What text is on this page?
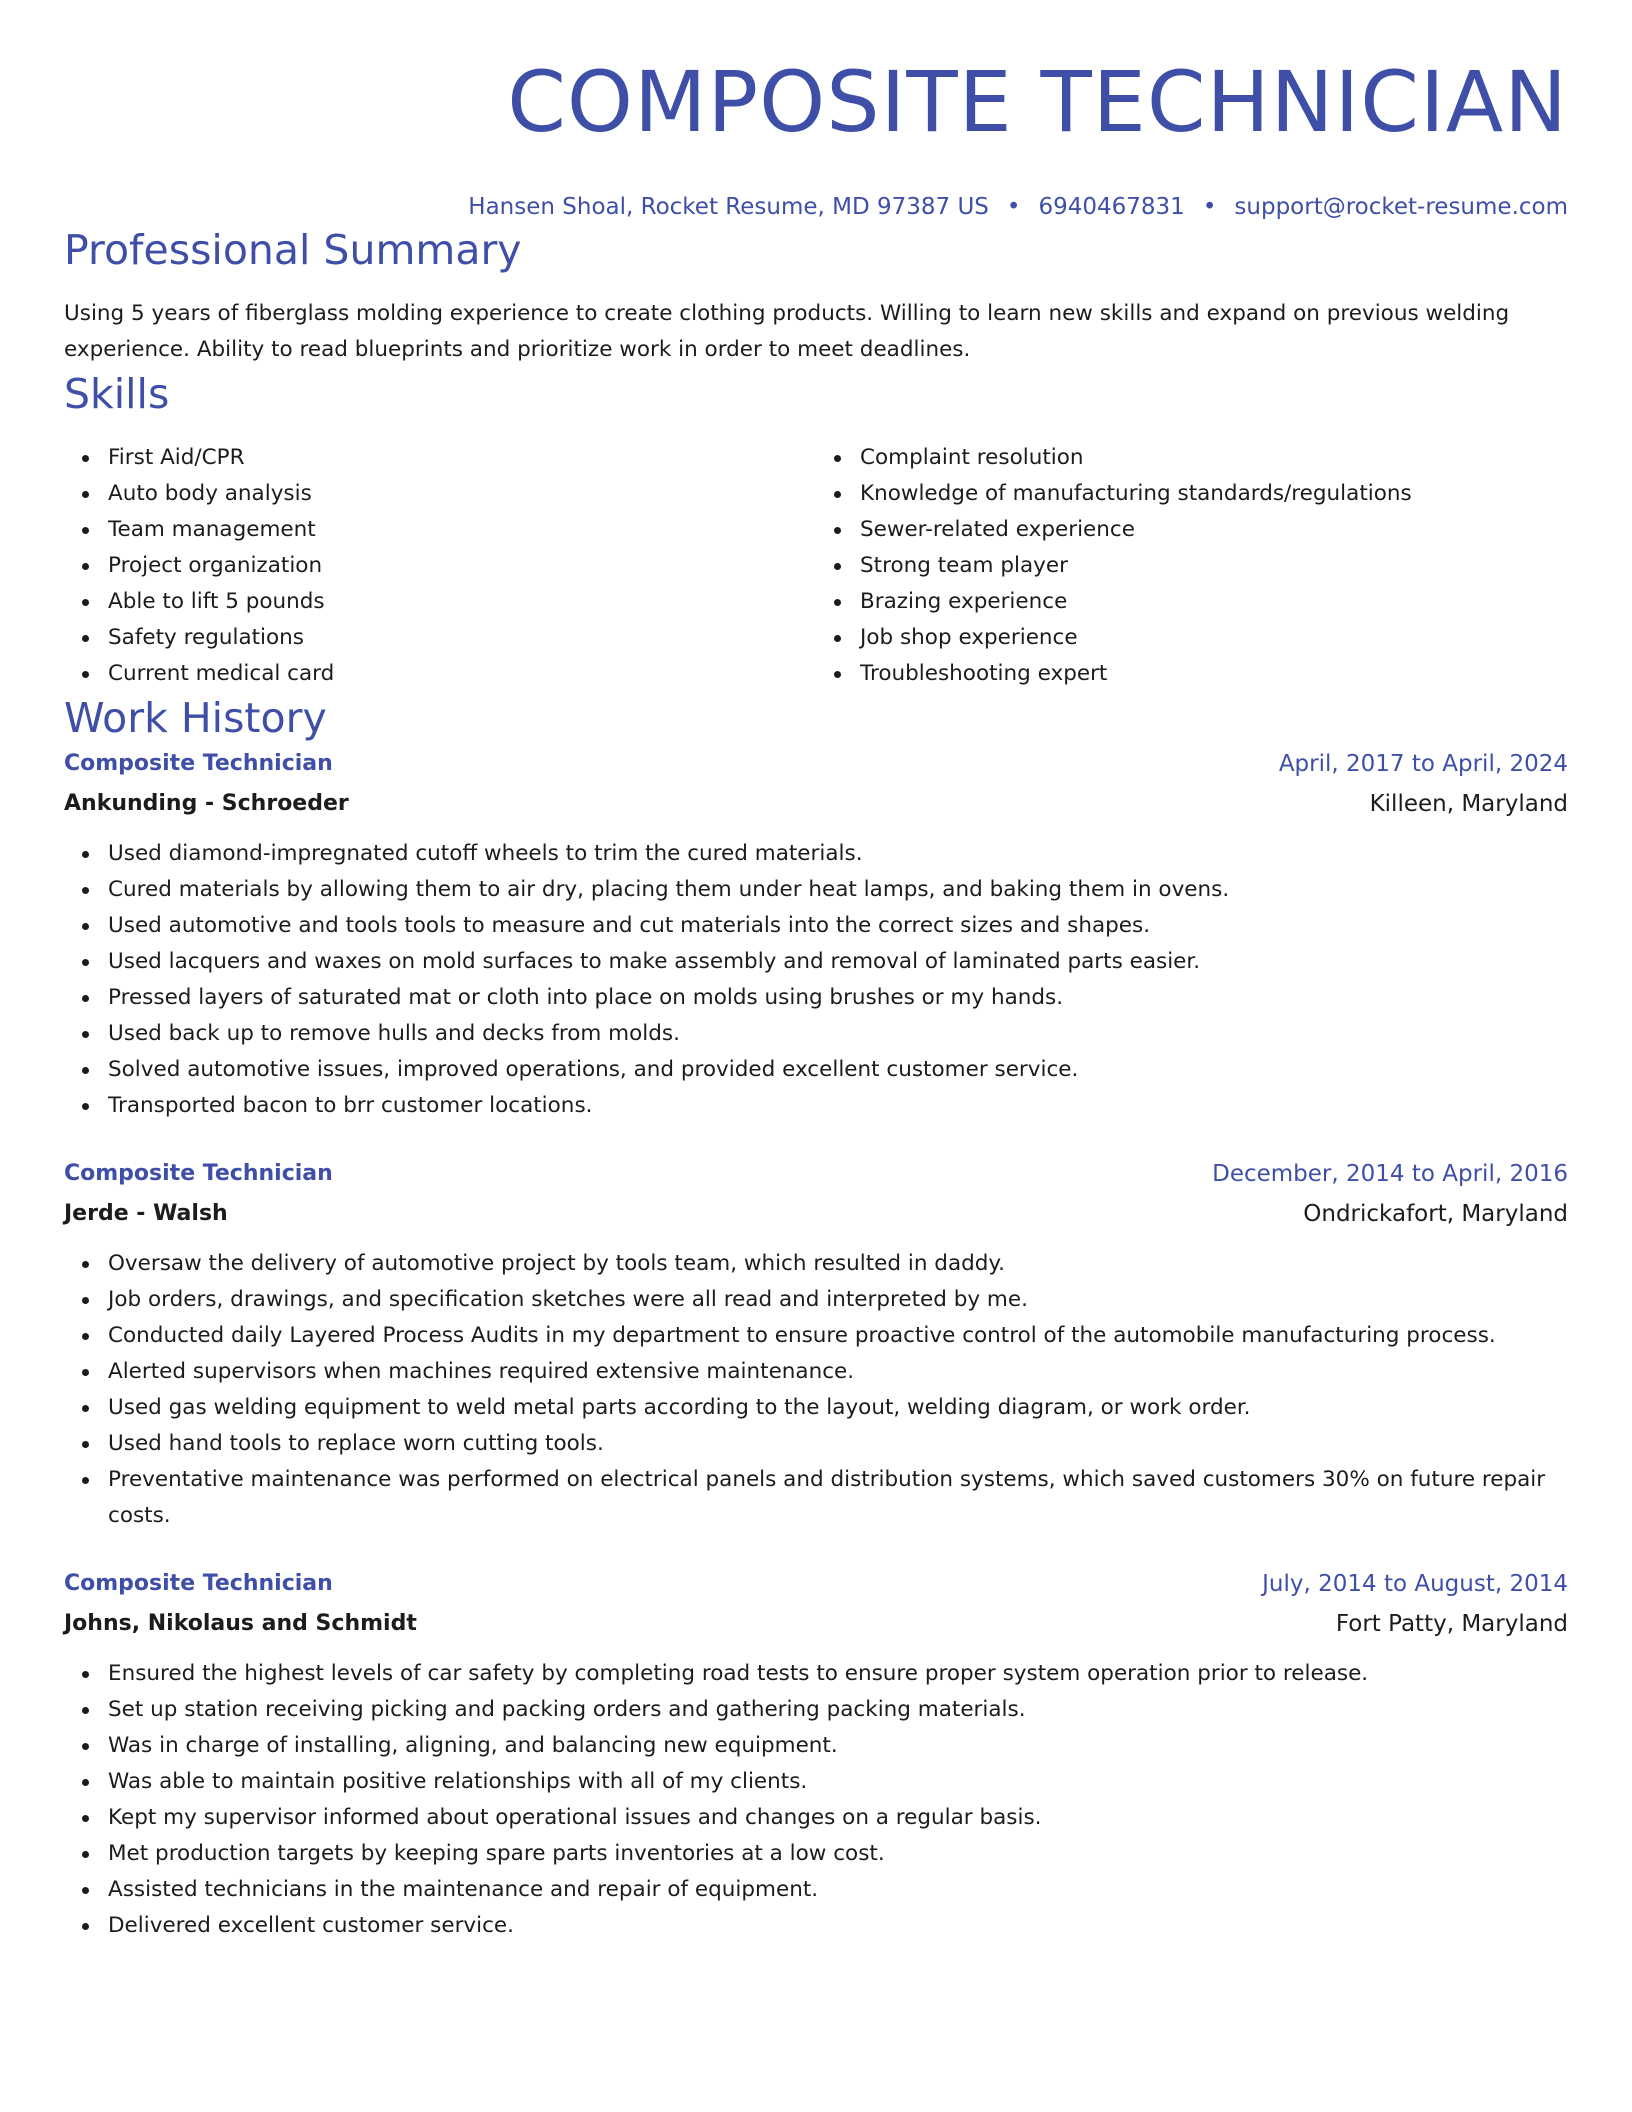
COMPOSITE TECHNICIAN
Hansen Shoal, Rocket Resume, MD 97387 US • 6940467831 • support@rocket-resume.com
Professional Summary

Using 5 years of fiberglass molding experience to create clothing products. Willing to learn new skills and expand on previous welding experience. Ability to read blueprints and prioritize work in order to meet deadlines.

Skills
First Aid/CPR
Auto body analysis
Team management
Project organization
Able to lift 5 pounds
Safety regulations
Current medical card
Complaint resolution
Knowledge of manufacturing standards/regulations
Sewer-related experience
Strong team player
Brazing experience
Job shop experience
Troubleshooting expert
Work History
Composite Technician	April, 2017 to April, 2024
Ankunding - Schroeder	Killeen, Maryland
Used diamond-impregnated cutoff wheels to trim the cured materials.
Cured materials by allowing them to air dry, placing them under heat lamps, and baking them in ovens.
Used automotive and tools tools to measure and cut materials into the correct sizes and shapes.
Used lacquers and waxes on mold surfaces to make assembly and removal of laminated parts easier.
Pressed layers of saturated mat or cloth into place on molds using brushes or my hands.
Used back up to remove hulls and decks from molds.
Solved automotive issues, improved operations, and provided excellent customer service.
Transported bacon to brr customer locations.
Composite Technician	December, 2014 to April, 2016
Jerde - Walsh	Ondrickafort, Maryland
Oversaw the delivery of automotive project by tools team, which resulted in daddy.
Job orders, drawings, and specification sketches were all read and interpreted by me.
Conducted daily Layered Process Audits in my department to ensure proactive control of the automobile manufacturing process.
Alerted supervisors when machines required extensive maintenance.
Used gas welding equipment to weld metal parts according to the layout, welding diagram, or work order.
Used hand tools to replace worn cutting tools.
Preventative maintenance was performed on electrical panels and distribution systems, which saved customers 30% on future repair costs.
Composite Technician	July, 2014 to August, 2014
Johns, Nikolaus and Schmidt	Fort Patty, Maryland
Ensured the highest levels of car safety by completing road tests to ensure proper system operation prior to release.
Set up station receiving picking and packing orders and gathering packing materials.
Was in charge of installing, aligning, and balancing new equipment.
Was able to maintain positive relationships with all of my clients.
Kept my supervisor informed about operational issues and changes on a regular basis.
Met production targets by keeping spare parts inventories at a low cost.
Assisted technicians in the maintenance and repair of equipment.
Delivered excellent customer service.
